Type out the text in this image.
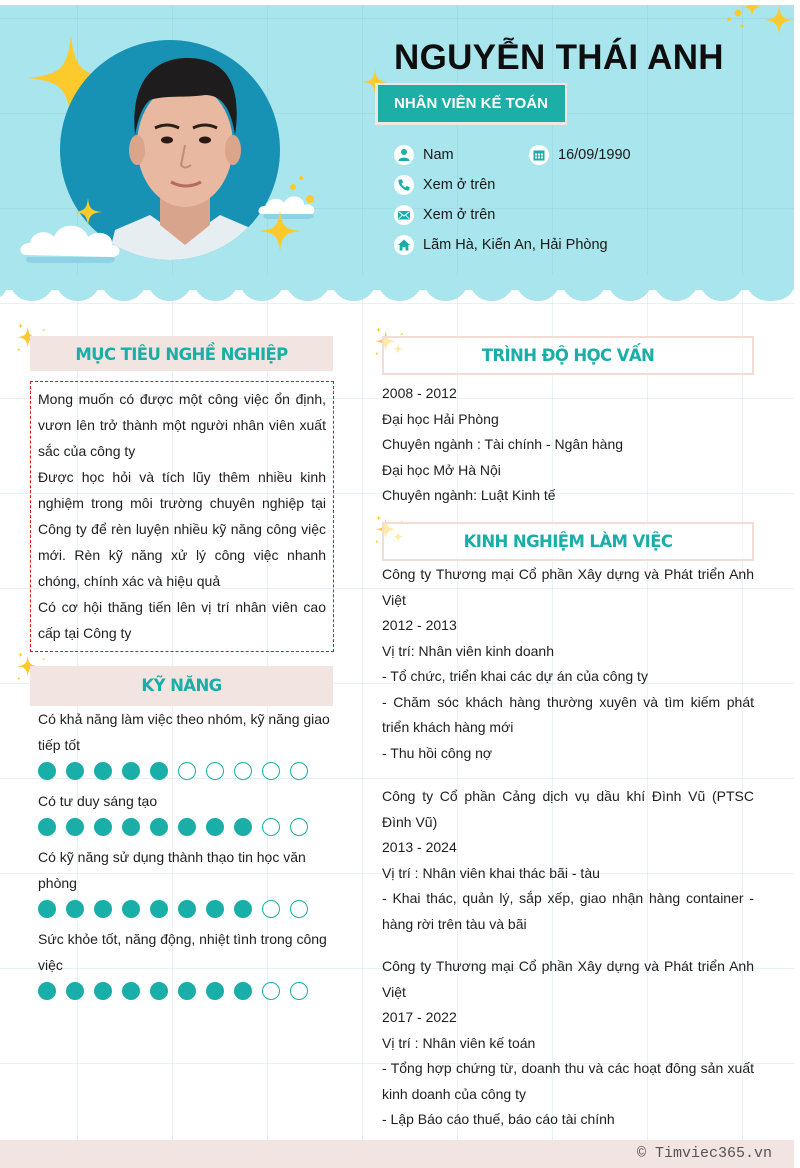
NGUYỄN THÁI ANH
NHÂN VIÊN KẾ TOÁN
Nam	16/09/1990
Xem ở trên
Xem ở trên
Lãm Hà, Kiến An, Hải Phòng
MỤC TIÊU NGHỀ NGHIỆP

Mong muốn có được một công việc ổn định, vươn lên trở thành một người nhân viên xuất sắc của công ty

Được học hỏi và tích lũy thêm nhiều kinh nghiệm trong môi trường chuyên nghiệp tại Công ty để rèn luyện nhiều kỹ năng công việc mới. Rèn kỹ năng xử lý công việc nhanh chóng, chính xác và hiệu quả

Có cơ hội thăng tiến lên vị trí nhân viên cao cấp tại Công ty

KỸ NĂNG
Có khả năng làm việc theo nhóm, kỹ năng giao tiếp tốt
Có tư duy sáng tạo
Có kỹ năng sử dụng thành thạo tin học văn phòng
Sức khỏe tốt, năng động, nhiệt tình trong công việc
TRÌNH ĐỘ HỌC VẤN
2008 - 2012
Đại học Hải Phòng
Chuyên ngành : Tài chính - Ngân hàng
Đại học Mở Hà Nội
Chuyên ngành: Luật Kinh tế
KINH NGHIỆM LÀM VIỆC
Công ty Thương mại Cổ phần Xây dựng và Phát triển Anh Việt
2012 - 2013
Vị trí: Nhân viên kinh doanh
- Tổ chức, triển khai các dự án của công ty
- Chăm sóc khách hàng thường xuyên và tìm kiếm phát triển khách hàng mới
- Thu hồi công nợ
Công ty Cổ phần Cảng dịch vụ dầu khí Đình Vũ (PTSC Đình Vũ)
2013 - 2024
Vị trí : Nhân viên khai thác bãi - tàu
- Khai thác, quản lý, sắp xếp, giao nhận hàng container - hàng rời trên tàu và bãi
Công ty Thương mại Cổ phần Xây dựng và Phát triển Anh Việt
2017 - 2022
Vị trí : Nhân viên kế toán
- Tổng hợp chứng từ, doanh thu và các hoạt đông sản xuất kinh doanh của công ty
- Lập Báo cáo thuế, báo cáo tài chính
© Timviec365.vn
